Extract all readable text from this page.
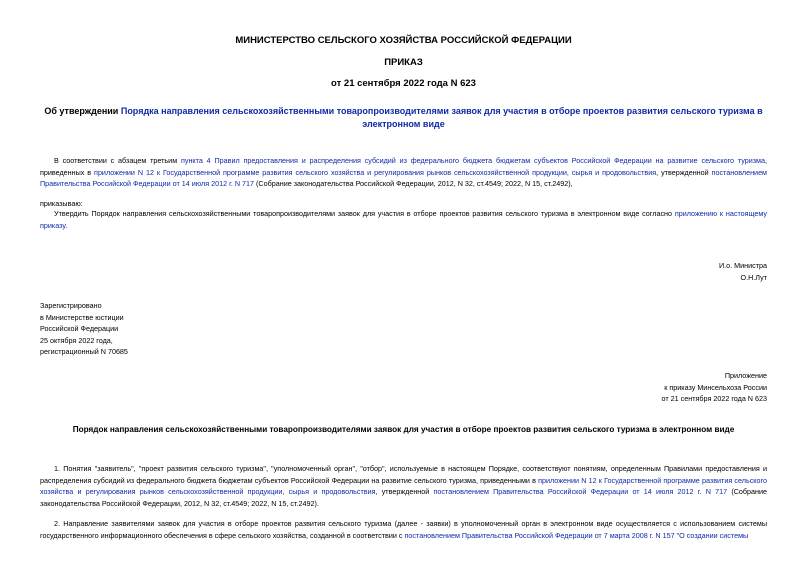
МИНИСТЕРСТВО СЕЛЬСКОГО ХОЗЯЙСТВА РОССИЙСКОЙ ФЕДЕРАЦИИ
ПРИКАЗ
от 21 сентября 2022 года N 623
Об утверждении Порядка направления сельскохозяйственными товаропроизводителями заявок для участия в отборе проектов развития сельского туризма в электронном виде
В соответствии с абзацем третьим пункта 4 Правил предоставления и распределения субсидий из федерального бюджета бюджетам субъектов Российской Федерации на развитие сельского туризма, приведенных в приложении N 12 к Государственной программе развития сельского хозяйства и регулирования рынков сельскохозяйственной продукции, сырья и продовольствия, утвержденной постановлением Правительства Российской Федерации от 14 июля 2012 г. N 717 (Собрание законодательства Российской Федерации, 2012, N 32, ст.4549; 2022, N 15, ст.2492),
приказываю:
Утвердить Порядок направления сельскохозяйственными товаропроизводителями заявок для участия в отборе проектов развития сельского туризма в электронном виде согласно приложению к настоящему приказу.
И.о. Министра
О.Н.Лут
Зарегистрировано
в Министерстве юстиции
Российской Федерации
25 октября 2022 года,
регистрационный N 70685
Приложение
к приказу Минсельхоза России
от 21 сентября 2022 года N 623
Порядок направления сельскохозяйственными товаропроизводителями заявок для участия в отборе проектов развития сельского туризма в электронном виде
1. Понятия "заявитель", "проект развития сельского туризма", "уполномоченный орган", "отбор", используемые в настоящем Порядке, соответствуют понятиям, определенным Правилами предоставления и распределения субсидий из федерального бюджета бюджетам субъектов Российской Федерации на развитие сельского туризма, приведенными в приложении N 12 к Государственной программе развития сельского хозяйства и регулирования рынков сельскохозяйственной продукции, сырья и продовольствия, утвержденной постановлением Правительства Российской Федерации от 14 июля 2012 г. N 717 (Собрание законодательства Российской Федерации, 2012, N 32, ст.4549; 2022, N 15, ст.2492).
2. Направление заявителями заявок для участия в отборе проектов развития сельского туризма (далее - заявки) в уполномоченный орган в электронном виде осуществляется с использованием системы государственного информационного обеспечения в сфере сельского хозяйства, созданной в соответствии с постановлением Правительства Российской Федерации от 7 марта 2008 г. N 157 "О создании системы
